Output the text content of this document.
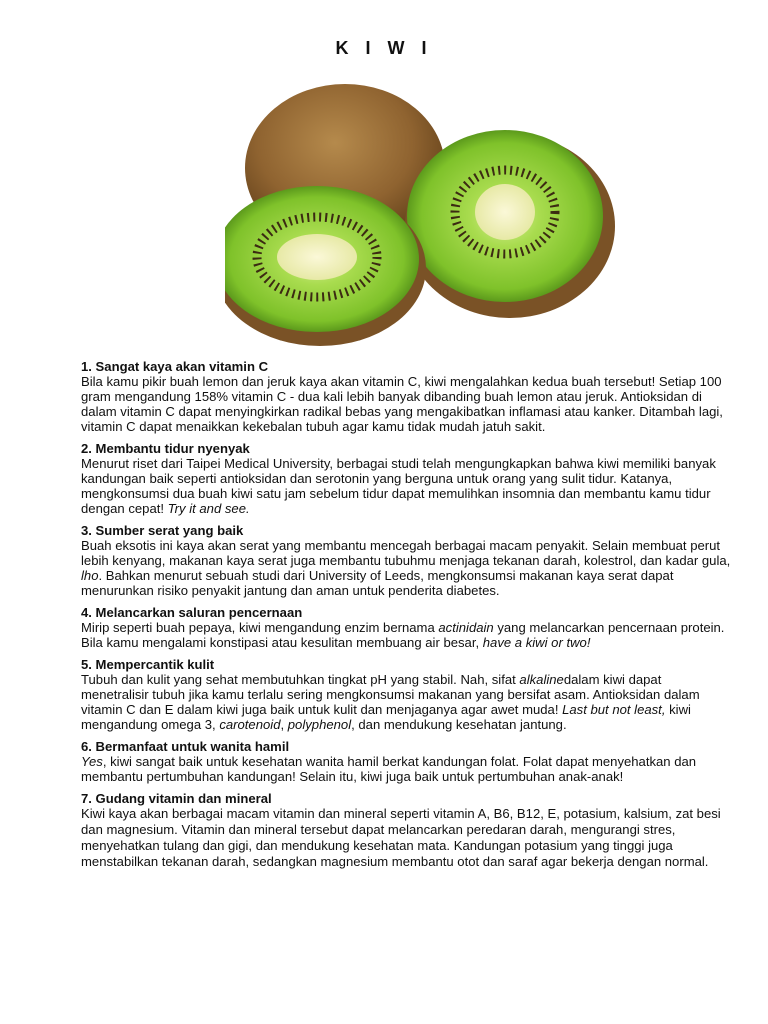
K I W I
1. Sangat kaya akan vitamin C

Bila kamu pikir buah lemon dan jeruk kaya akan vitamin C, kiwi mengalahkan kedua buah tersebut! Setiap 100 gram mengandung 158% vitamin C - dua kali lebih banyak dibanding buah lemon atau jeruk. Antioksidan di dalam vitamin C dapat menyingkirkan radikal bebas yang mengakibatkan inflamasi atau kanker. Ditambah lagi, vitamin C dapat menaikkan kekebalan tubuh agar kamu tidak mudah jatuh sakit.

2. Membantu tidur nyenyak

Menurut riset dari Taipei Medical University, berbagai studi telah mengungkapkan bahwa kiwi memiliki banyak kandungan baik seperti antioksidan dan serotonin yang berguna untuk orang yang sulit tidur. Katanya, mengkonsumsi dua buah kiwi satu jam sebelum tidur dapat memulihkan insomnia dan membantu kamu tidur dengan cepat! Try it and see.

3. Sumber serat yang baik

Buah eksotis ini kaya akan serat yang membantu mencegah berbagai macam penyakit. Selain membuat perut lebih kenyang, makanan kaya serat juga membantu tubuhmu menjaga tekanan darah, kolestrol, dan kadar gula, lho. Bahkan menurut sebuah studi dari University of Leeds, mengkonsumsi makanan kaya serat dapat menurunkan risiko penyakit jantung dan aman untuk penderita diabetes.

4. Melancarkan saluran pencernaan

Mirip seperti buah pepaya, kiwi mengandung enzim bernama actinidain yang melancarkan pencernaan protein. Bila kamu mengalami konstipasi atau kesulitan membuang air besar, have a kiwi or two!

5. Mempercantik kulit

Tubuh dan kulit yang sehat membutuhkan tingkat pH yang stabil. Nah, sifat alkalinedalam kiwi dapat menetralisir tubuh jika kamu terlalu sering mengkonsumsi makanan yang bersifat asam. Antioksidan dalam vitamin C dan E dalam kiwi juga baik untuk kulit dan menjaganya agar awet muda! Last but not least, kiwi mengandung omega 3, carotenoid, polyphenol, dan mendukung kesehatan jantung.

6. Bermanfaat untuk wanita hamil

Yes, kiwi sangat baik untuk kesehatan wanita hamil berkat kandungan folat. Folat dapat menyehatkan dan membantu pertumbuhan kandungan! Selain itu, kiwi juga baik untuk pertumbuhan anak-anak!

7. Gudang vitamin dan mineral

Kiwi kaya akan berbagai macam vitamin dan mineral seperti vitamin A, B6, B12, E, potasium, kalsium, zat besi dan magnesium. Vitamin dan mineral tersebut dapat melancarkan peredaran darah, mengurangi stres, menyehatkan tulang dan gigi, dan mendukung kesehatan mata. Kandungan potasium yang tinggi juga menstabilkan tekanan darah, sedangkan magnesium membantu otot dan saraf agar bekerja dengan normal.
